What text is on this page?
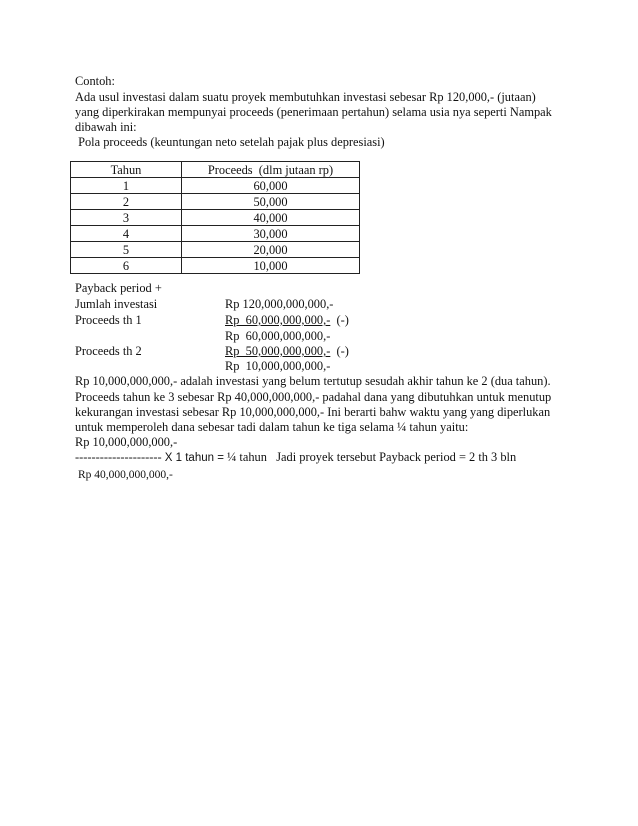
Contoh:
Ada usul investasi dalam suatu proyek membutuhkan investasi sebesar Rp 120,000,- (jutaan)
yang diperkirakan mempunyai proceeds (penerimaan pertahun) selama usia nya seperti Nampak
dibawah ini:
Pola proceeds (keuntungan neto setelah pajak plus depresiasi)
Tahun	Proceeds  (dlm jutaan rp)
1	60,000
2	50,000
3	40,000
4	30,000
5	20,000
6	10,000
Payback period +
Jumlah investasi	Rp 120,000,000,000,-
Proceeds th 1	Rp  60,000,000,000,-  (-)
Rp  60,000,000,000,-
Proceeds th 2	Rp  50,000,000,000,-  (-)
Rp  10,000,000,000,-
Rp 10,000,000,000,- adalah investasi yang belum tertutup sesudah akhir tahun ke 2 (dua tahun).
Proceeds tahun ke 3 sebesar Rp 40,000,000,000,- padahal dana yang dibutuhkan untuk menutup
kekurangan investasi sebesar Rp 10,000,000,000,- Ini berarti bahw waktu yang yang diperlukan
untuk memperoleh dana sebesar tadi dalam tahun ke tiga selama ¼ tahun yaitu:
Rp 10,000,000,000,-
--------------------- X 1 tahun = ¼ tahun   Jadi proyek tersebut Payback period = 2 th 3 bln
Rp 40,000,000,000,-
